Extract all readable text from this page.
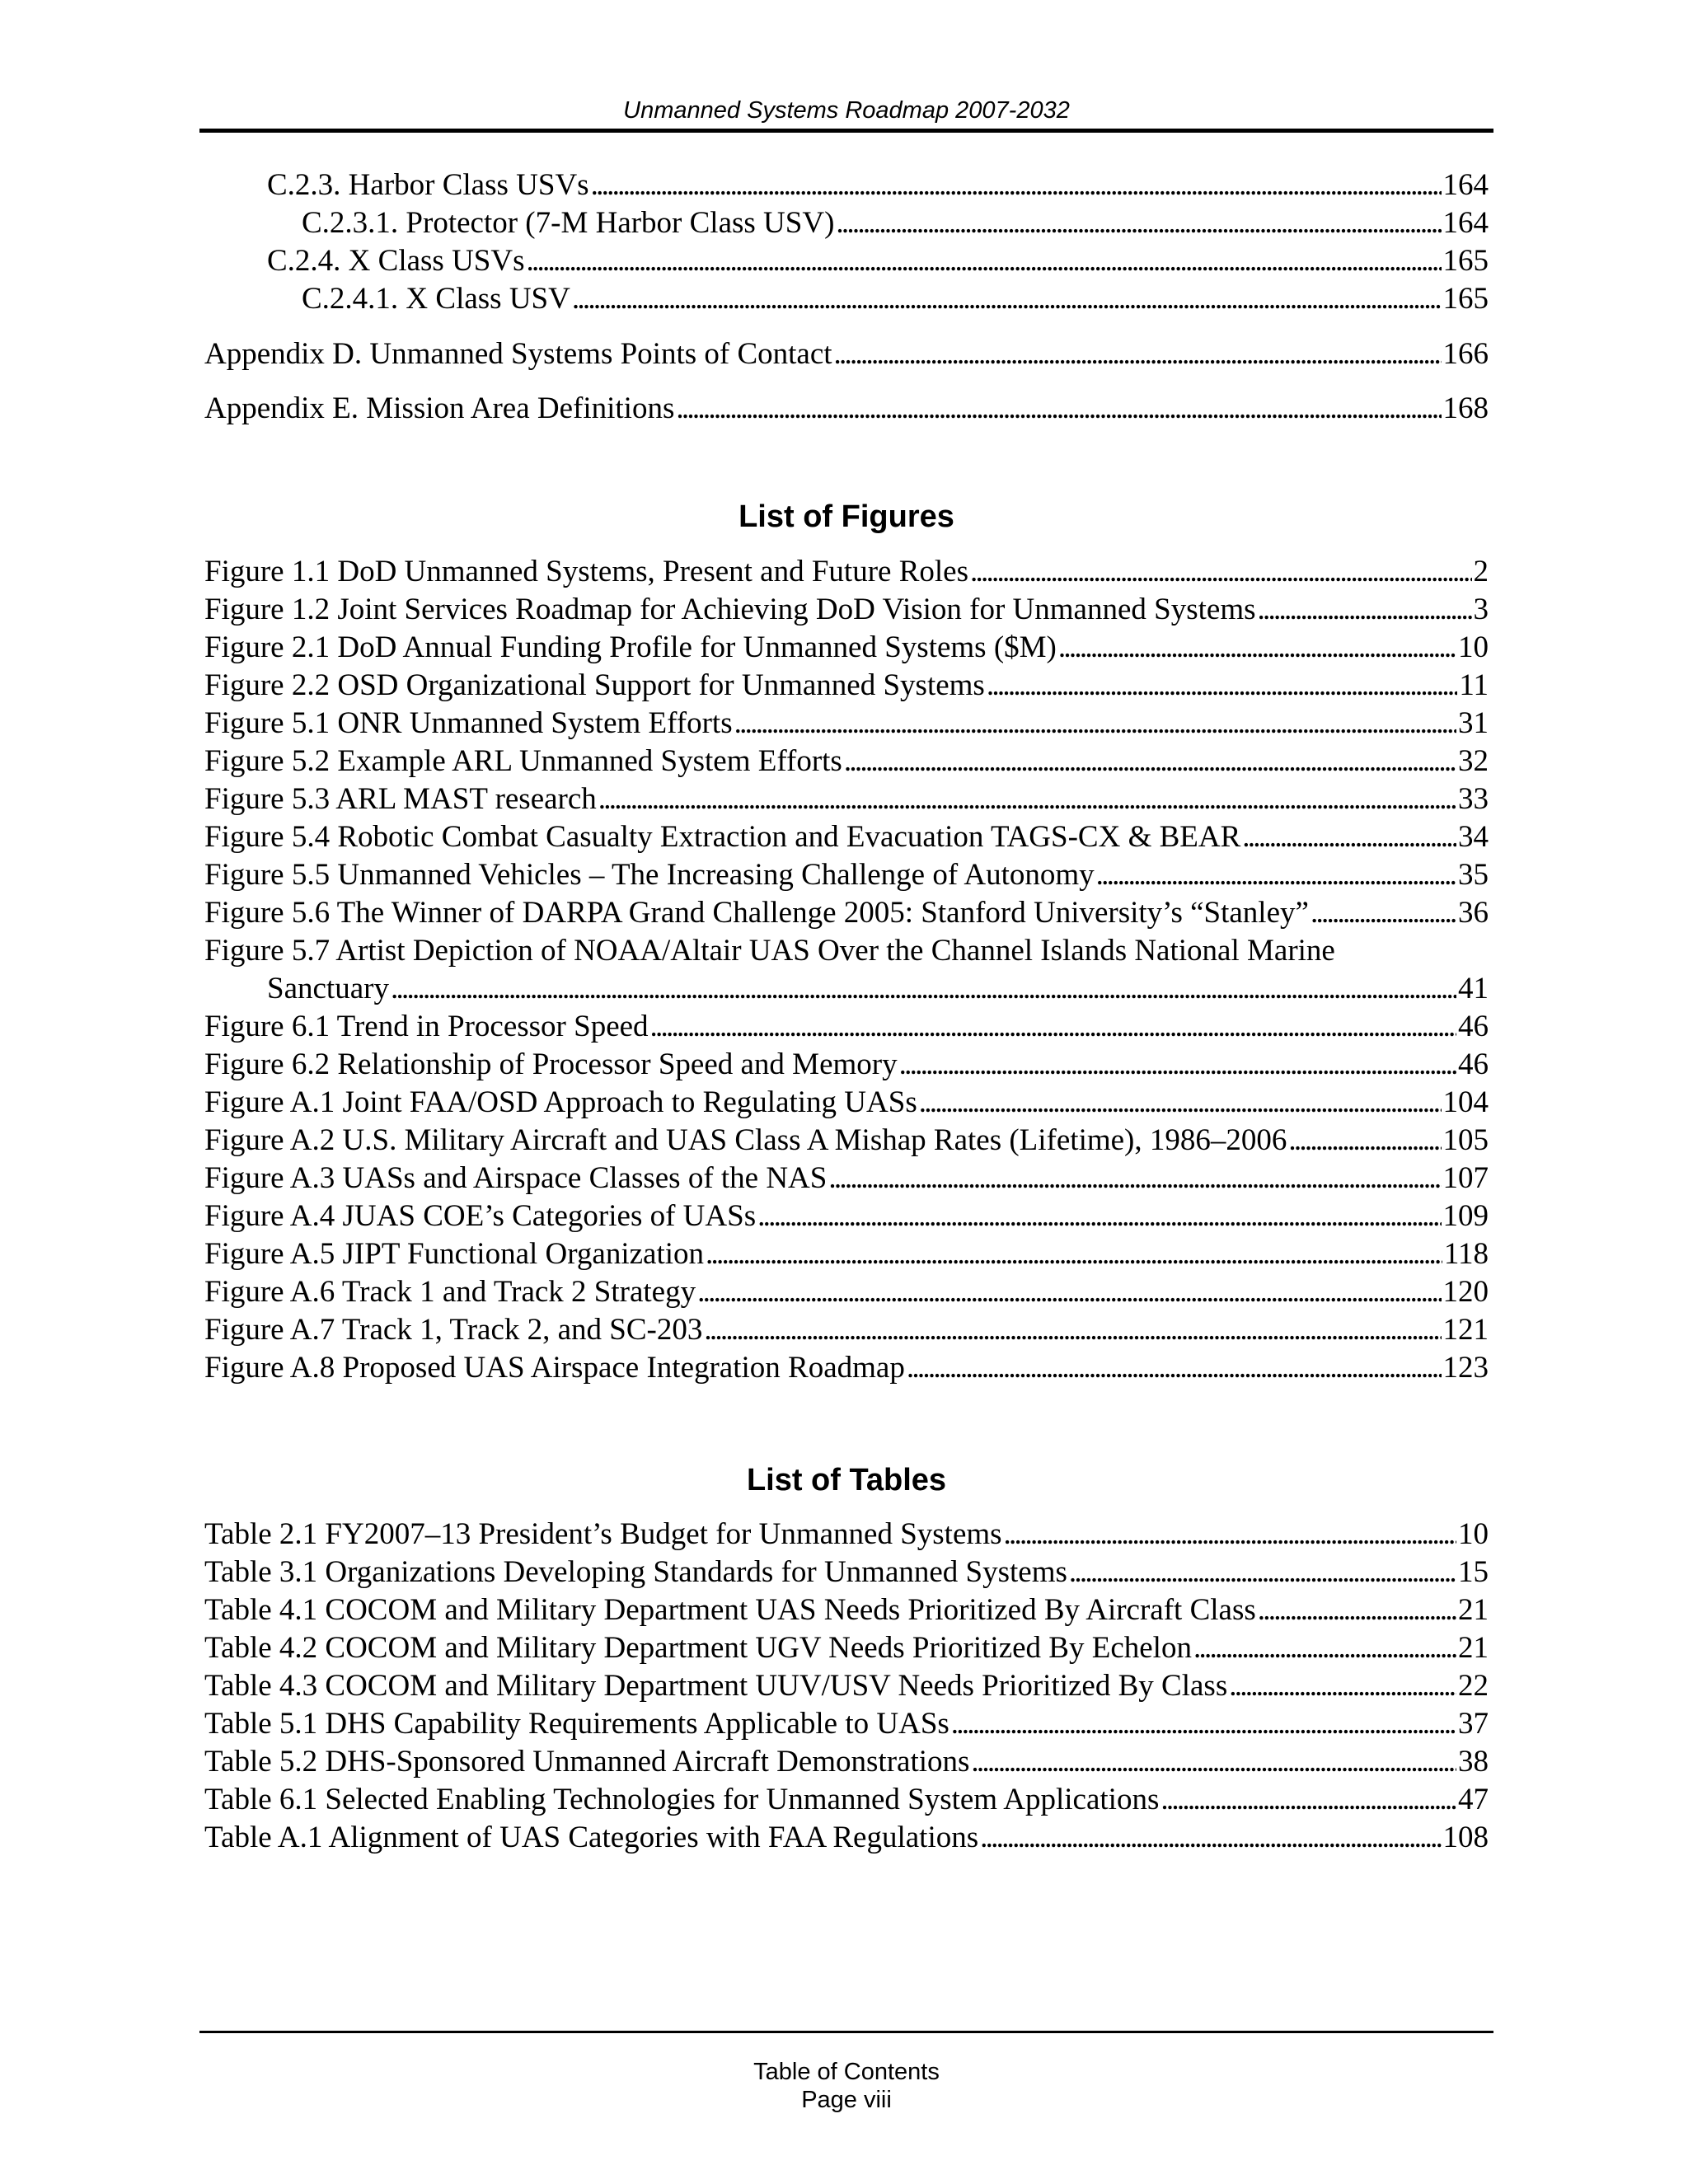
Unmanned Systems Roadmap 2007-2032
C.2.3. Harbor Class USVs . . .	164
C.2.3.1. Protector (7-M Harbor Class USV) . . .	164
C.2.4. X Class USVs . . .	165
C.2.4.1. X Class USV . . .	165
Appendix D. Unmanned Systems Points of Contact . . .	166
Appendix E. Mission Area Definitions . . .	168
List of Figures
Figure 1.1 DoD Unmanned Systems, Present and Future Roles . . .	2
Figure 1.2 Joint Services Roadmap for Achieving DoD Vision for Unmanned Systems . . .	3
Figure 2.1 DoD Annual Funding Profile for Unmanned Systems ($M) . . .	10
Figure 2.2 OSD Organizational Support for Unmanned Systems . . .	11
Figure 5.1 ONR Unmanned System Efforts . . .	31
Figure 5.2 Example ARL Unmanned System Efforts . . .	32
Figure 5.3 ARL MAST research . . .	33
Figure 5.4 Robotic Combat Casualty Extraction and Evacuation TAGS-CX & BEAR . . .	34
Figure 5.5 Unmanned Vehicles – The Increasing Challenge of Autonomy . . .	35
Figure 5.6 The Winner of DARPA Grand Challenge 2005: Stanford University’s “Stanley” . . .	36
Figure 5.7 Artist Depiction of NOAA/Altair UAS Over the Channel Islands National Marine
Sanctuary . . .	41
Figure 6.1 Trend in Processor Speed . . .	46
Figure 6.2 Relationship of Processor Speed and Memory . . .	46
Figure A.1 Joint FAA/OSD Approach to Regulating UASs . . .	104
Figure A.2 U.S. Military Aircraft and UAS Class A Mishap Rates (Lifetime), 1986–2006 . . .	105
Figure A.3 UASs and Airspace Classes of the NAS . . .	107
Figure A.4 JUAS COE’s Categories of UASs . . .	109
Figure A.5 JIPT Functional Organization . . .	118
Figure A.6 Track 1 and Track 2 Strategy . . .	120
Figure A.7 Track 1, Track 2, and SC-203 . . .	121
Figure A.8 Proposed UAS Airspace Integration Roadmap . . .	123
List of Tables
Table 2.1 FY2007–13 President’s Budget for Unmanned Systems . . .	10
Table 3.1 Organizations Developing Standards for Unmanned Systems . . .	15
Table 4.1 COCOM and Military Department UAS Needs Prioritized By Aircraft Class . . .	21
Table 4.2 COCOM and Military Department UGV Needs Prioritized By Echelon . . .	21
Table 4.3 COCOM and Military Department UUV/USV Needs Prioritized By Class . . .	22
Table 5.1 DHS Capability Requirements Applicable to UASs . . .	37
Table 5.2 DHS-Sponsored Unmanned Aircraft Demonstrations . . .	38
Table 6.1 Selected Enabling Technologies for Unmanned System Applications . . .	47
Table A.1 Alignment of UAS Categories with FAA Regulations . . .	108
Table of Contents
Page viii
